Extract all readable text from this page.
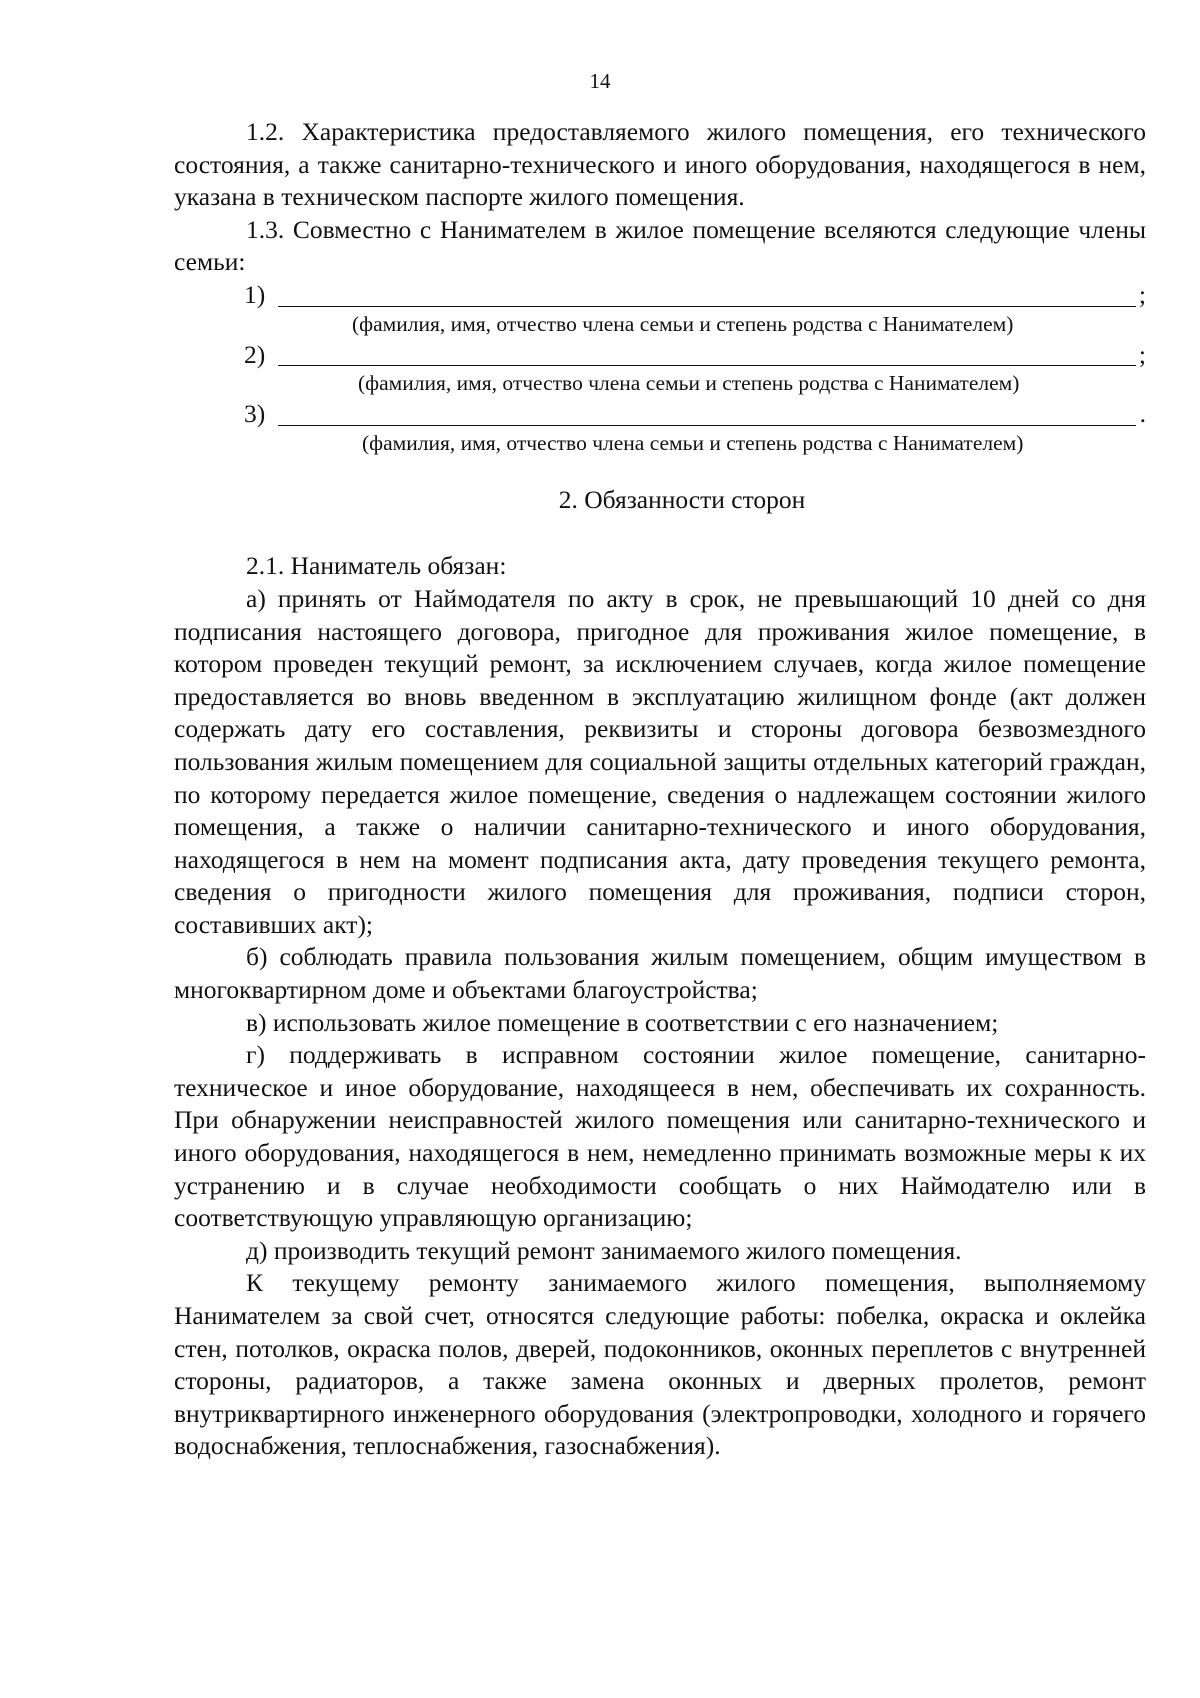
14

1.2. Характеристика предоставляемого жилого помещения, его технического состояния, а также санитарно-технического и иного оборудования, находящегося в нем, указана в техническом паспорте жилого помещения.

1.3. Совместно с Нанимателем в жилое помещение вселяются следующие члены семьи:

1)	;
(фамилия, имя, отчество члена семьи и степень родства с Нанимателем)
2)	;
(фамилия, имя, отчество члена семьи и степень родства с Нанимателем)
3)	.
(фамилия, имя, отчество члена семьи и степень родства с Нанимателем)

2. Обязанности сторон

2.1. Наниматель обязан:

а) принять от Наймодателя по акту в срок, не превышающий 10 дней со дня подписания настоящего договора, пригодное для проживания жилое помещение, в котором проведен текущий ремонт, за исключением случаев, когда жилое помещение предоставляется во вновь введенном в эксплуатацию жилищном фонде (акт должен содержать дату его составления, реквизиты и стороны договора безвозмездного пользования жилым помещением для социальной защиты отдельных категорий граждан, по которому передается жилое помещение, сведения о надлежащем состоянии жилого помещения, а также о наличии санитарно-технического и иного оборудования, находящегося в нем на момент подписания акта, дату проведения текущего ремонта, сведения о пригодности жилого помещения для проживания, подписи сторон, составивших акт);

б) соблюдать правила пользования жилым помещением, общим имуществом в многоквартирном доме и объектами благоустройства;

в) использовать жилое помещение в соответствии с его назначением;

г) поддерживать в исправном состоянии жилое помещение, санитарно-техническое и иное оборудование, находящееся в нем, обеспечивать их сохранность. При обнаружении неисправностей жилого помещения или санитарно-технического и иного оборудования, находящегося в нем, немедленно принимать возможные меры к их устранению и в случае необходимости сообщать о них Наймодателю или в соответствующую управляющую организацию;

д) производить текущий ремонт занимаемого жилого помещения.

К текущему ремонту занимаемого жилого помещения, выполняемому Нанимателем за свой счет, относятся следующие работы: побелка, окраска и оклейка стен, потолков, окраска полов, дверей, подоконников, оконных переплетов с внутренней стороны, радиаторов, а также замена оконных и дверных пролетов, ремонт внутриквартирного инженерного оборудования (электропроводки, холодного и горячего водоснабжения, теплоснабжения, газоснабжения).
